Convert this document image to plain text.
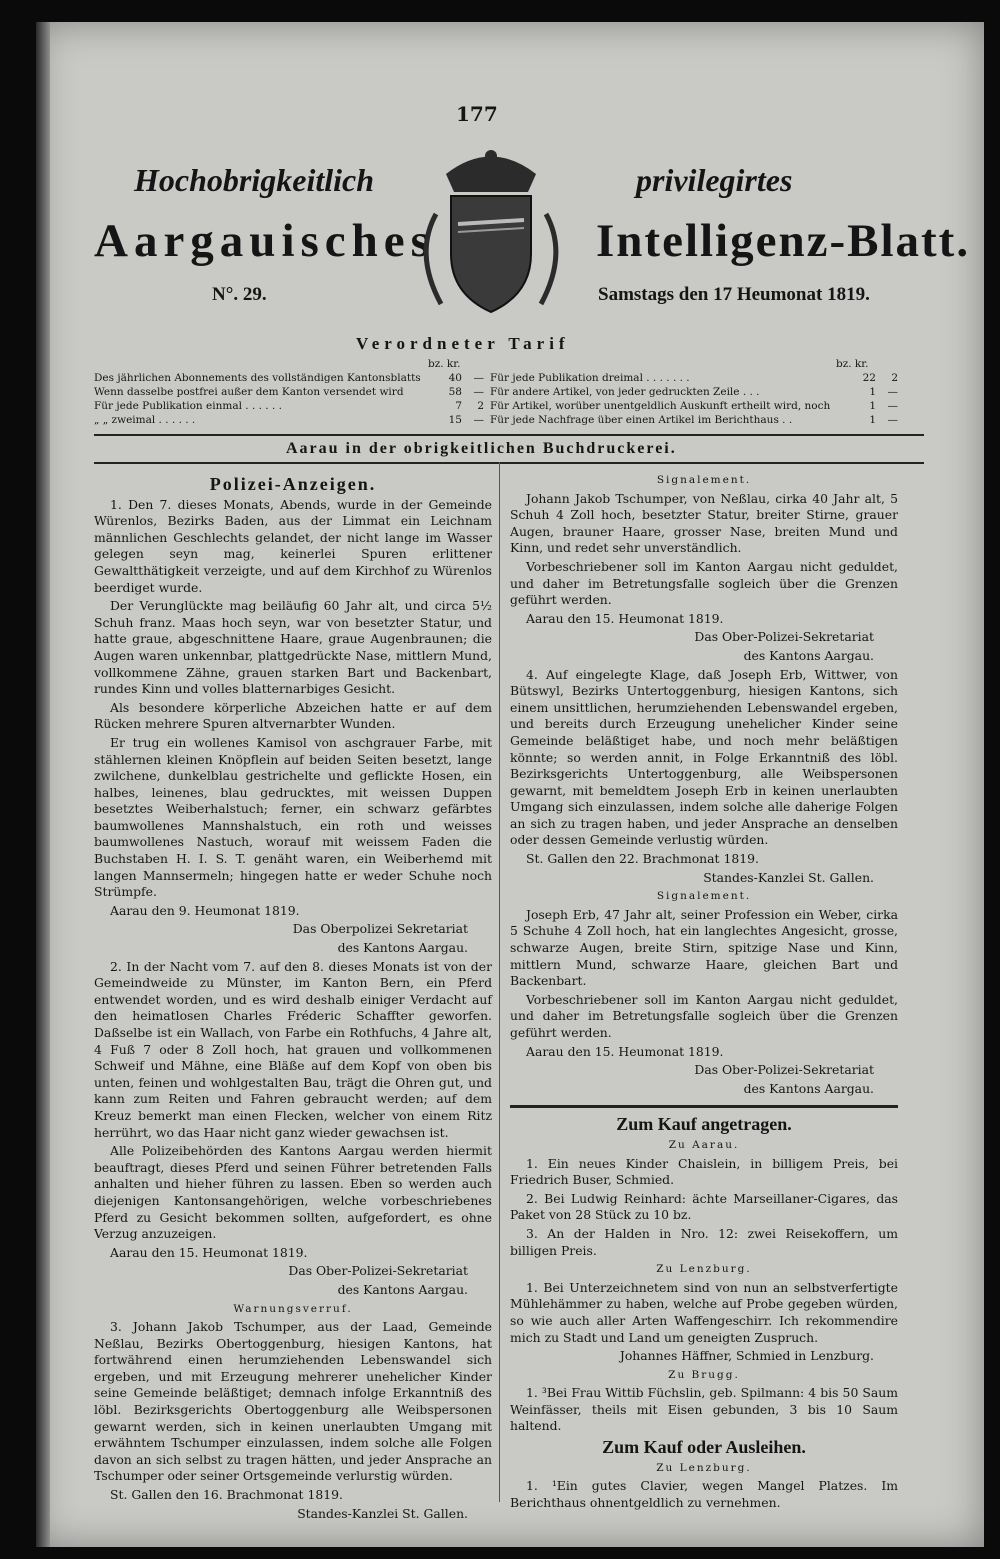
177
Hochobrigkeitlich	privilegirtes
Aargauisches	Intelligenz-Blatt.
N°. 29.	Samstags den 17 Heumonat 1819.
Verordneter Tarif
bz. kr.	bz. kr.
Des jährlichen Abonnements des vollständigen Kantonsblatts	40	—
Wenn dasselbe postfrei außer dem Kanton versendet wird	58	—
Für jede Publikation einmal . . . . . .	7	2
„ „ zweimal . . . . . .	15	—
Für jede Publikation dreimal . . . . . . .	22	2
Für andere Artikel, von jeder gedruckten Zeile . . .	1	—
Für Artikel, worüber unentgeldlich Auskunft ertheilt wird, noch	1	—
Für jede Nachfrage über einen Artikel im Berichthaus . .	1	—
Aarau in der obrigkeitlichen Buchdruckerei.

Polizei-Anzeigen.

1. Den 7. dieses Monats, Abends, wurde in der Gemeinde Würenlos, Bezirks Baden, aus der Limmat ein Leichnam männlichen Geschlechts gelandet, der nicht lange im Wasser gelegen seyn mag, keinerlei Spuren erlittener Gewaltthätigkeit verzeigte, und auf dem Kirchhof zu Würenlos beerdiget wurde.

Der Verunglückte mag beiläufig 60 Jahr alt, und circa 5½ Schuh franz. Maas hoch seyn, war von besetzter Statur, und hatte graue, abgeschnittene Haare, graue Augenbraunen; die Augen waren unkennbar, plattgedrückte Nase, mittlern Mund, vollkommene Zähne, grauen starken Bart und Backenbart, rundes Kinn und volles blatternarbiges Gesicht.

Als besondere körperliche Abzeichen hatte er auf dem Rücken mehrere Spuren altvernarbter Wunden.

Er trug ein wollenes Kamisol von aschgrauer Farbe, mit stählernen kleinen Knöpflein auf beiden Seiten besetzt, lange zwilchene, dunkelblau gestrichelte und geflickte Hosen, ein halbes, leinenes, blau gedrucktes, mit weissen Duppen besetztes Weiberhalstuch; ferner, ein schwarz gefärbtes baumwollenes Mannshalstuch, ein roth und weisses baumwollenes Nastuch, worauf mit weissem Faden die Buchstaben H. I. S. T. genäht waren, ein Weiberhemd mit langen Mannsermeln; hingegen hatte er weder Schuhe noch Strümpfe.

Aarau den 9. Heumonat 1819.

Das Oberpolizei Sekretariat

des Kantons Aargau.

2. In der Nacht vom 7. auf den 8. dieses Monats ist von der Gemeindweide zu Münster, im Kanton Bern, ein Pferd entwendet worden, und es wird deshalb einiger Verdacht auf den heimatlosen Charles Fréderic Schaffter geworfen. Daßselbe ist ein Wallach, von Farbe ein Rothfuchs, 4 Jahre alt, 4 Fuß 7 oder 8 Zoll hoch, hat grauen und vollkommenen Schweif und Mähne, eine Bläße auf dem Kopf von oben bis unten, feinen und wohlgestalten Bau, trägt die Ohren gut, und kann zum Reiten und Fahren gebraucht werden; auf dem Kreuz bemerkt man einen Flecken, welcher von einem Ritz herrührt, wo das Haar nicht ganz wieder gewachsen ist.

Alle Polizeibehörden des Kantons Aargau werden hiermit beauftragt, dieses Pferd und seinen Führer betretenden Falls anhalten und hieher führen zu lassen. Eben so werden auch diejenigen Kantonsangehörigen, welche vorbeschriebenes Pferd zu Gesicht bekommen sollten, aufgefordert, es ohne Verzug anzuzeigen.

Aarau den 15. Heumonat 1819.

Das Ober-Polizei-Sekretariat

des Kantons Aargau.

Warnungsverruf.

3. Johann Jakob Tschumper, aus der Laad, Gemeinde Neßlau, Bezirks Obertoggenburg, hiesigen Kantons, hat fortwährend einen herumziehenden Lebenswandel sich ergeben, und mit Erzeugung mehrerer unehelicher Kinder seine Gemeinde beläßtiget; demnach infolge Erkanntniß des löbl. Bezirksgerichts Obertoggenburg alle Weibspersonen gewarnt werden, sich in keinen unerlaubten Umgang mit erwähntem Tschumper einzulassen, indem solche alle Folgen davon an sich selbst zu tragen hätten, und jeder Ansprache an Tschumper oder seiner Ortsgemeinde verlurstig würden.

St. Gallen den 16. Brachmonat 1819.

Standes-Kanzlei St. Gallen.

Signalement.

Johann Jakob Tschumper, von Neßlau, cirka 40 Jahr alt, 5 Schuh 4 Zoll hoch, besetzter Statur, breiter Stirne, grauer Augen, brauner Haare, grosser Nase, breiten Mund und Kinn, und redet sehr unverständlich.

Vorbeschriebener soll im Kanton Aargau nicht geduldet, und daher im Betretungsfalle sogleich über die Grenzen geführt werden.

Aarau den 15. Heumonat 1819.

Das Ober-Polizei-Sekretariat

des Kantons Aargau.

4. Auf eingelegte Klage, daß Joseph Erb, Wittwer, von Bütswyl, Bezirks Untertoggenburg, hiesigen Kantons, sich einem unsittlichen, herumziehenden Lebenswandel ergeben, und bereits durch Erzeugung unehelicher Kinder seine Gemeinde beläßtiget habe, und noch mehr beläßtigen könnte; so werden annit, in Folge Erkanntniß des löbl. Bezirksgerichts Untertoggenburg, alle Weibspersonen gewarnt, mit bemeldtem Joseph Erb in keinen unerlaubten Umgang sich einzulassen, indem solche alle daherige Folgen an sich zu tragen haben, und jeder Ansprache an denselben oder dessen Gemeinde verlustig würden.

St. Gallen den 22. Brachmonat 1819.

Standes-Kanzlei St. Gallen.

Signalement.

Joseph Erb, 47 Jahr alt, seiner Profession ein Weber, cirka 5 Schuhe 4 Zoll hoch, hat ein langlechtes Angesicht, grosse, schwarze Augen, breite Stirn, spitzige Nase und Kinn, mittlern Mund, schwarze Haare, gleichen Bart und Backenbart.

Vorbeschriebener soll im Kanton Aargau nicht geduldet, und daher im Betretungsfalle sogleich über die Grenzen geführt werden.

Aarau den 15. Heumonat 1819.

Das Ober-Polizei-Sekretariat

des Kantons Aargau.

Zum Kauf angetragen.

Zu Aarau.

1. Ein neues Kinder Chaislein, in billigem Preis, bei Friedrich Buser, Schmied.

2. Bei Ludwig Reinhard: ächte Marseillaner-Cigares, das Paket von 28 Stück zu 10 bz.

3. An der Halden in Nro. 12: zwei Reisekoffern, um billigen Preis.

Zu Lenzburg.

1. Bei Unterzeichnetem sind von nun an selbstverfertigte Mühlehämmer zu haben, welche auf Probe gegeben würden, so wie auch aller Arten Waffengeschirr. Ich rekommendire mich zu Stadt und Land um geneigten Zuspruch.

Johannes Häffner, Schmied in Lenzburg.

Zu Brugg.

1. ³Bei Frau Wittib Füchslin, geb. Spilmann: 4 bis 50 Saum Weinfässer, theils mit Eisen gebunden, 3 bis 10 Saum haltend.

Zum Kauf oder Ausleihen.

Zu Lenzburg.

1. ¹Ein gutes Clavier, wegen Mangel Platzes. Im Berichthaus ohnentgeldlich zu vernehmen.
